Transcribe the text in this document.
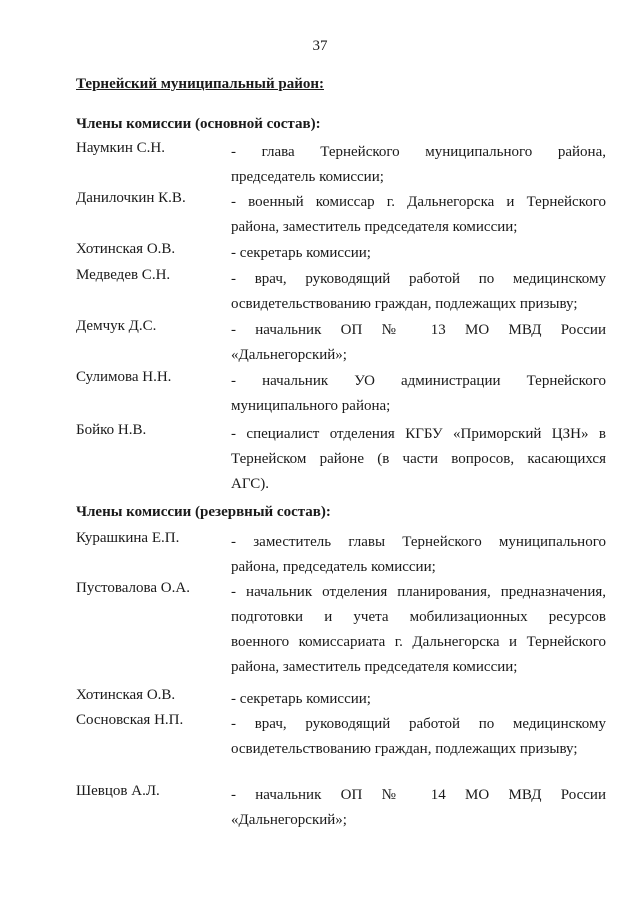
37
Тернейский муниципальный район:
Члены комиссии (основной состав):
Наумкин С.Н.	- глава Тернейского муниципального района,
председатель комиссии;
Данилочкин К.В.	- военный комиссар г. Дальнегорска и Тернейского
района, заместитель председателя комиссии;
Хотинская О.В.	- секретарь комиссии;
Медведев С.Н.	- врач, руководящий работой по медицинскому
освидетельствованию граждан, подлежащих призыву;
Демчук Д.С.	- начальник ОП № 13 МО МВД России
«Дальнегорский»;
Сулимова Н.Н.	- начальник УО администрации Тернейского
муниципального района;
Бойко Н.В.	- специалист отделения КГБУ «Приморский ЦЗН» в
Тернейском районе (в части вопросов, касающихся
АГС).
Члены комиссии (резервный состав):
Курашкина Е.П.	- заместитель главы Тернейского муниципального
района, председатель комиссии;
Пустовалова О.А.	- начальник отделения планирования, предназначения,
подготовки и учета мобилизационных ресурсов
военного комиссариата г. Дальнегорска и Тернейского
района, заместитель председателя комиссии;
Хотинская О.В.	- секретарь комиссии;
Сосновская Н.П.	- врач, руководящий работой по медицинскому
освидетельствованию граждан, подлежащих призыву;
Шевцов А.Л.	- начальник ОП № 14 МО МВД России
«Дальнегорский»;
